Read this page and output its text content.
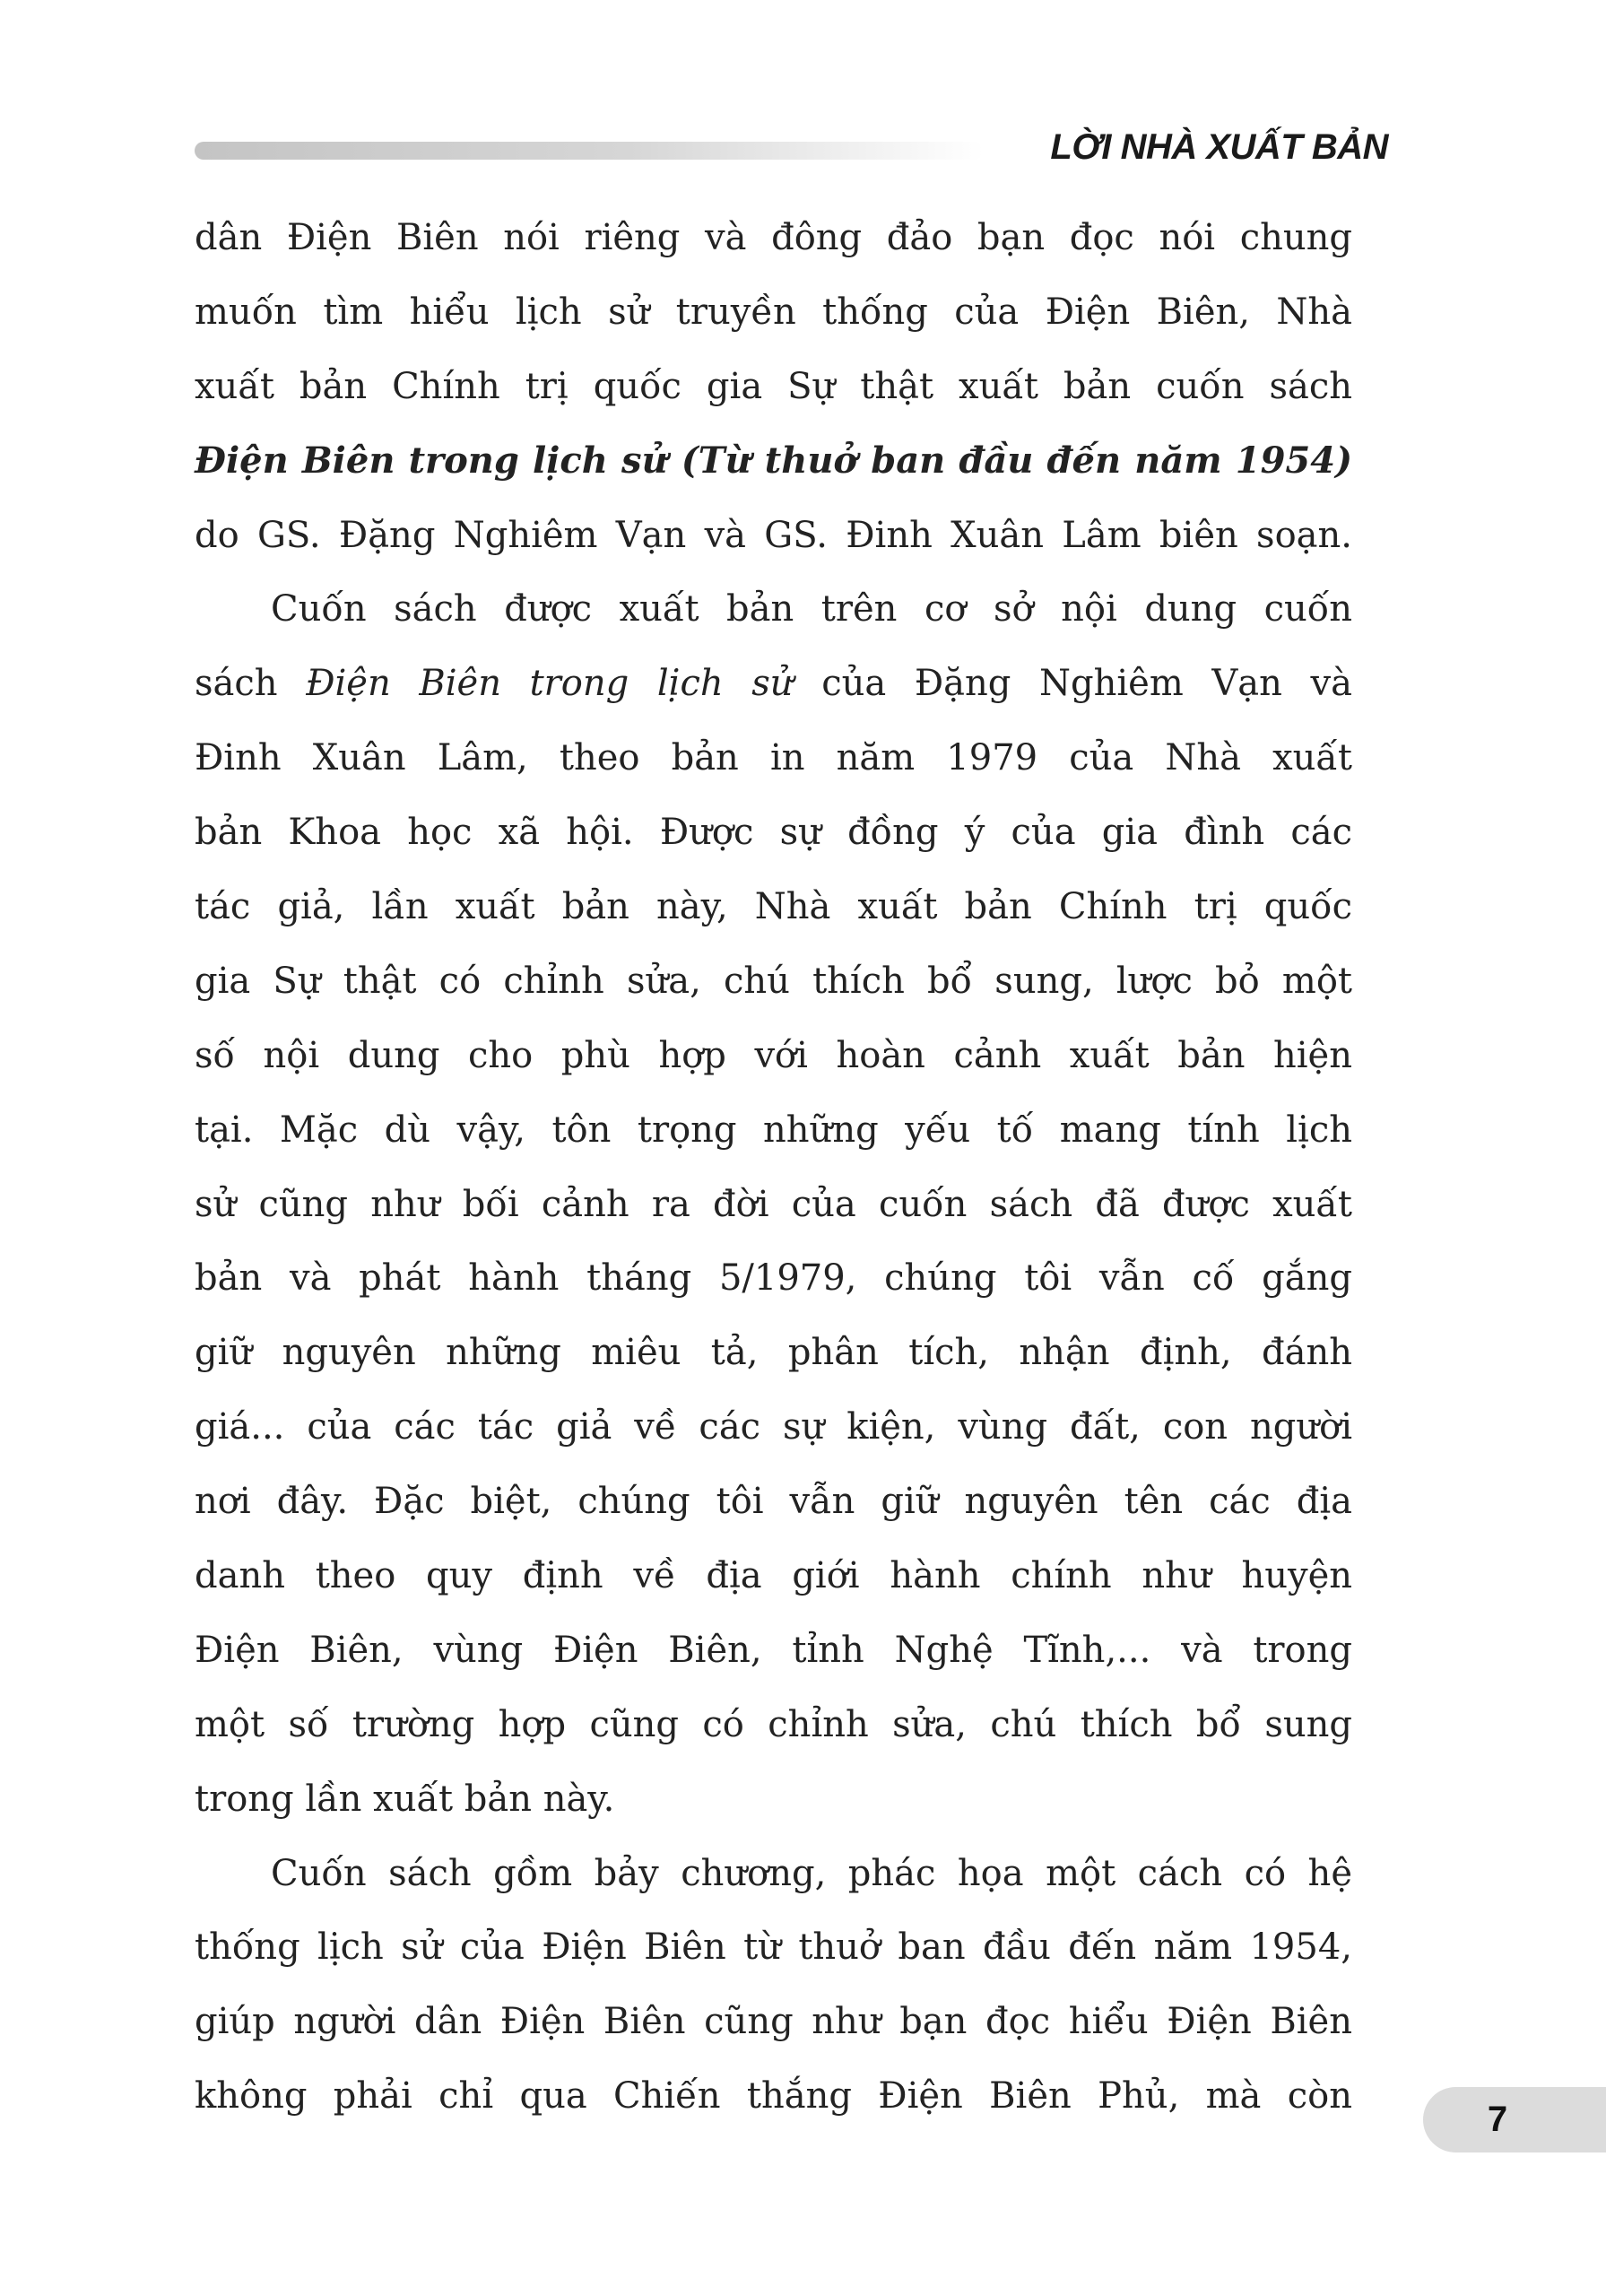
LỜI NHÀ XUẤT BẢN
dân Điện Biên nói riêng và đông đảo bạn đọc nói chung
muốn tìm hiểu lịch sử truyền thống của Điện Biên, Nhà
xuất bản Chính trị quốc gia Sự thật xuất bản cuốn sách
Điện Biên trong lịch sử (Từ thuở ban đầu đến năm 1954)
do GS. Đặng Nghiêm Vạn và GS. Đinh Xuân Lâm biên soạn.
Cuốn sách được xuất bản trên cơ sở nội dung cuốn
sách Điện Biên trong lịch sử của Đặng Nghiêm Vạn và
Đinh Xuân Lâm, theo bản in năm 1979 của Nhà xuất
bản Khoa học xã hội. Được sự đồng ý của gia đình các
tác giả, lần xuất bản này, Nhà xuất bản Chính trị quốc
gia Sự thật có chỉnh sửa, chú thích bổ sung, lược bỏ một
số nội dung cho phù hợp với hoàn cảnh xuất bản hiện
tại. Mặc dù vậy, tôn trọng những yếu tố mang tính lịch
sử cũng như bối cảnh ra đời của cuốn sách đã được xuất
bản và phát hành tháng 5/1979, chúng tôi vẫn cố gắng
giữ nguyên những miêu tả, phân tích, nhận định, đánh
giá... của các tác giả về các sự kiện, vùng đất, con người
nơi đây. Đặc biệt, chúng tôi vẫn giữ nguyên tên các địa
danh theo quy định về địa giới hành chính như huyện
Điện Biên, vùng Điện Biên, tỉnh Nghệ Tĩnh,... và trong
một số trường hợp cũng có chỉnh sửa, chú thích bổ sung
trong lần xuất bản này.
Cuốn sách gồm bảy chương, phác họa một cách có hệ
thống lịch sử của Điện Biên từ thuở ban đầu đến năm 1954,
giúp người dân Điện Biên cũng như bạn đọc hiểu Điện Biên
không phải chỉ qua Chiến thắng Điện Biên Phủ, mà còn
7
